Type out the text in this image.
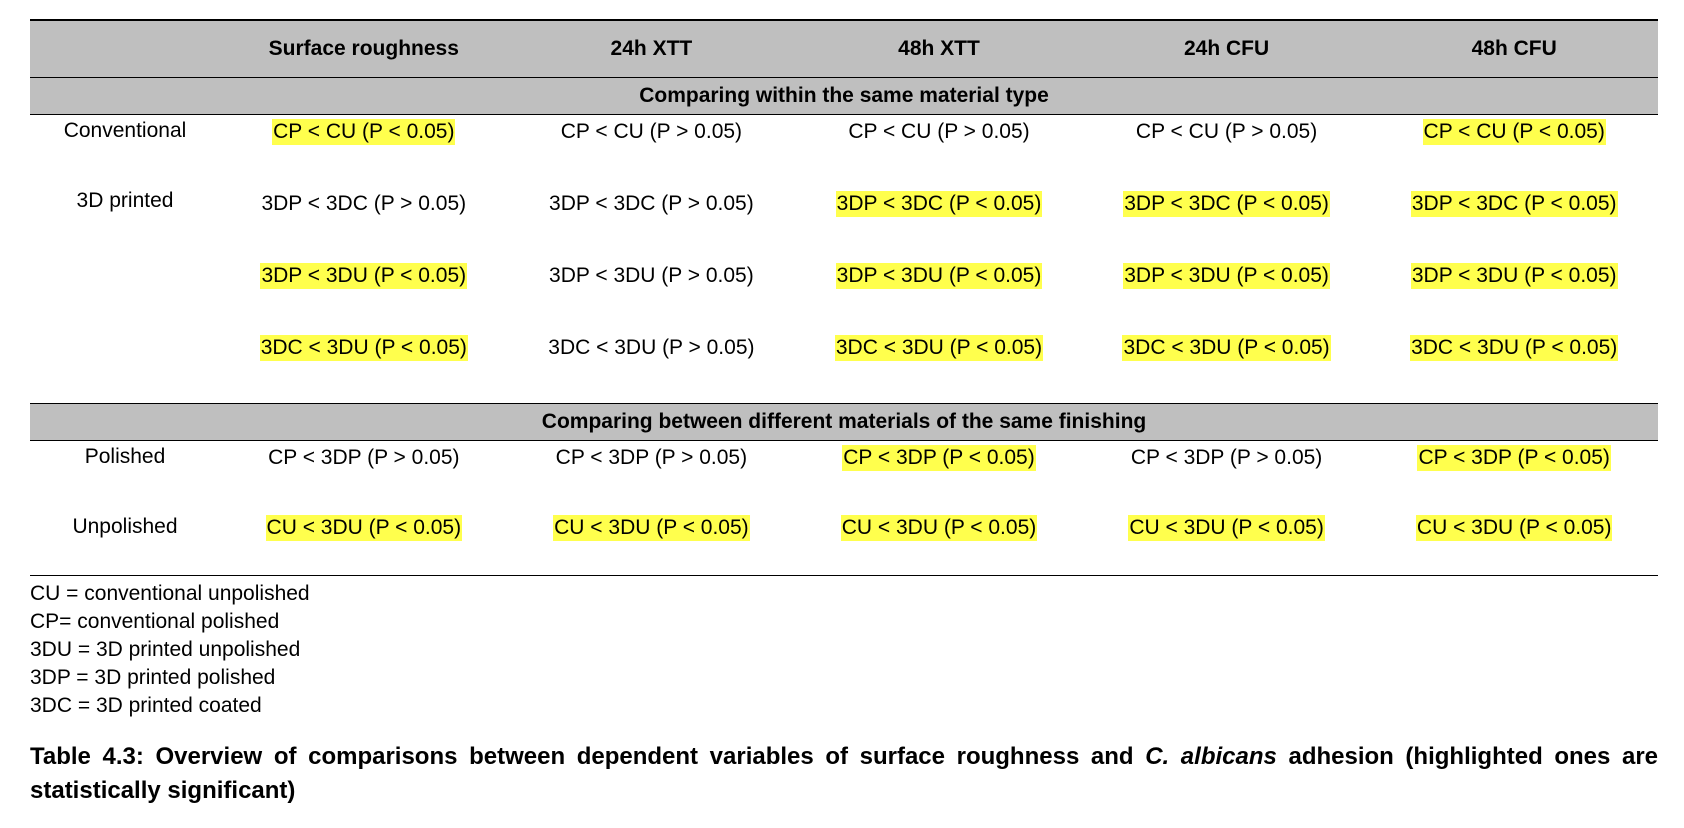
	Surface roughness	24h XTT	48h XTT	24h CFU	48h CFU
Comparing within the same material type					
Conventional	CP < CU (P < 0.05)	CP < CU (P > 0.05)	CP < CU (P > 0.05)	CP < CU (P > 0.05)	CP < CU (P < 0.05)
3D printed	3DP < 3DC (P > 0.05)	3DP < 3DC (P > 0.05)	3DP < 3DC (P < 0.05)	3DP < 3DC (P < 0.05)	3DP < 3DC (P < 0.05)
	3DP < 3DU (P < 0.05)	3DP < 3DU (P > 0.05)	3DP < 3DU (P < 0.05)	3DP < 3DU (P < 0.05)	3DP < 3DU (P < 0.05)
	3DC < 3DU (P < 0.05)	3DC < 3DU (P > 0.05)	3DC < 3DU (P < 0.05)	3DC < 3DU (P < 0.05)	3DC < 3DU (P < 0.05)

Comparing between different materials of the same finishing					
Polished	CP < 3DP (P > 0.05)	CP < 3DP (P > 0.05)	CP < 3DP (P < 0.05)	CP < 3DP (P > 0.05)	CP < 3DP (P < 0.05)
Unpolished	CU < 3DU (P < 0.05)	CU < 3DU (P < 0.05)	CU < 3DU (P < 0.05)	CU < 3DU (P < 0.05)	CU < 3DU (P < 0.05)

CU = conventional unpolished
CP= conventional polished
3DU = 3D printed unpolished
3DP = 3D printed polished
3DC = 3D printed coated
Table 4.3: Overview of comparisons between dependent variables of surface roughness and C. albicans adhesion (highlighted ones are statistically significant)
